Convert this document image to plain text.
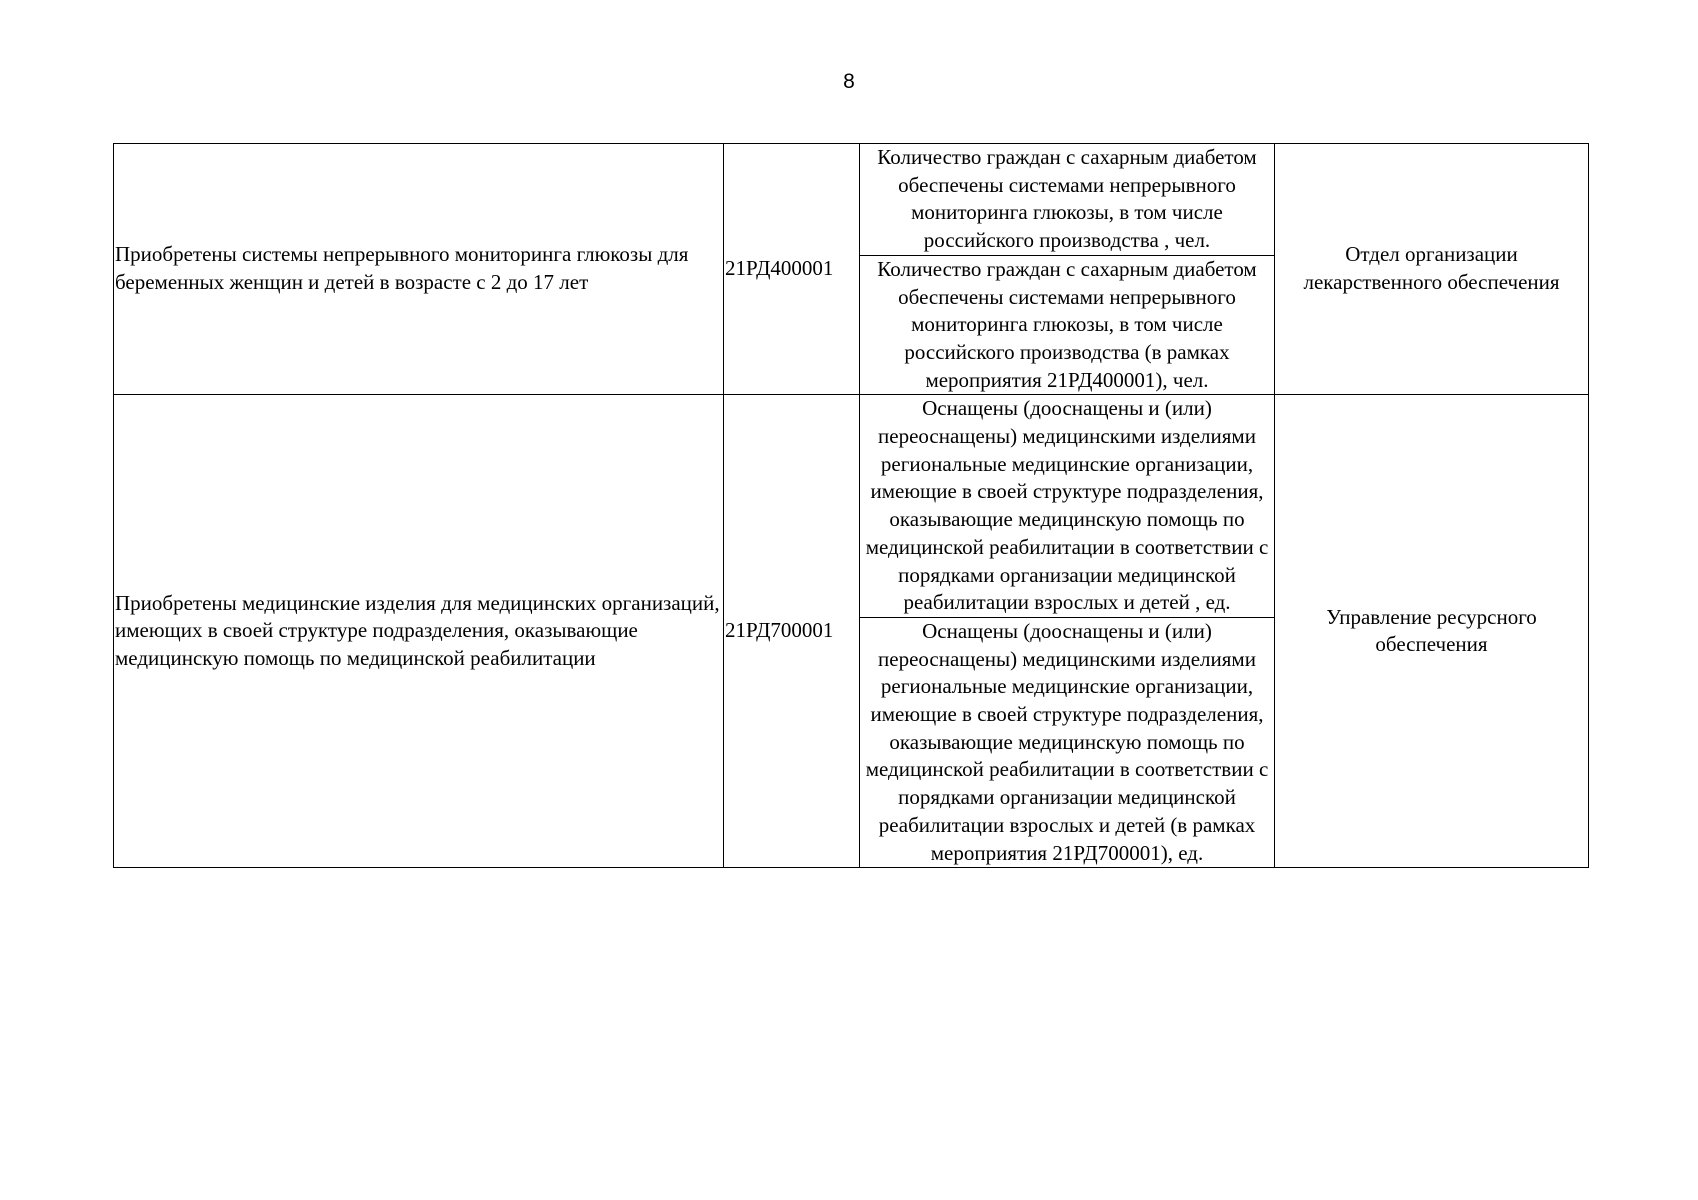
8
Приобретены системы непрерывного мониторинга глюкозы для беременных женщин и детей в возрасте с 2 до 17 лет	21РД400001	Количество граждан с сахарным диабетом обеспечены системами непрерывного мониторинга глюкозы, в том числе российского производства , чел.	Отдел организации лекарственного обеспечения
		Количество граждан с сахарным диабетом обеспечены системами непрерывного мониторинга глюкозы, в том числе российского производства (в рамках мероприятия 21РД400001), чел.	
Приобретены медицинские изделия для медицинских организаций, имеющих в своей структуре подразделения, оказывающие медицинскую помощь по медицинской реабилитации	21РД700001	Оснащены (дооснащены и (или) переоснащены) медицинскими изделиями региональные медицинские организации, имеющие в своей структуре подразделения, оказывающие медицинскую помощь по медицинской реабилитации в соответствии с порядками организации медицинской реабилитации взрослых и детей , ед.	Управление ресурсного обеспечения
		Оснащены (дооснащены и (или) переоснащены) медицинскими изделиями региональные медицинские организации, имеющие в своей структуре подразделения, оказывающие медицинскую помощь по медицинской реабилитации в соответствии с порядками организации медицинской реабилитации взрослых и детей (в рамках мероприятия 21РД700001), ед.	
